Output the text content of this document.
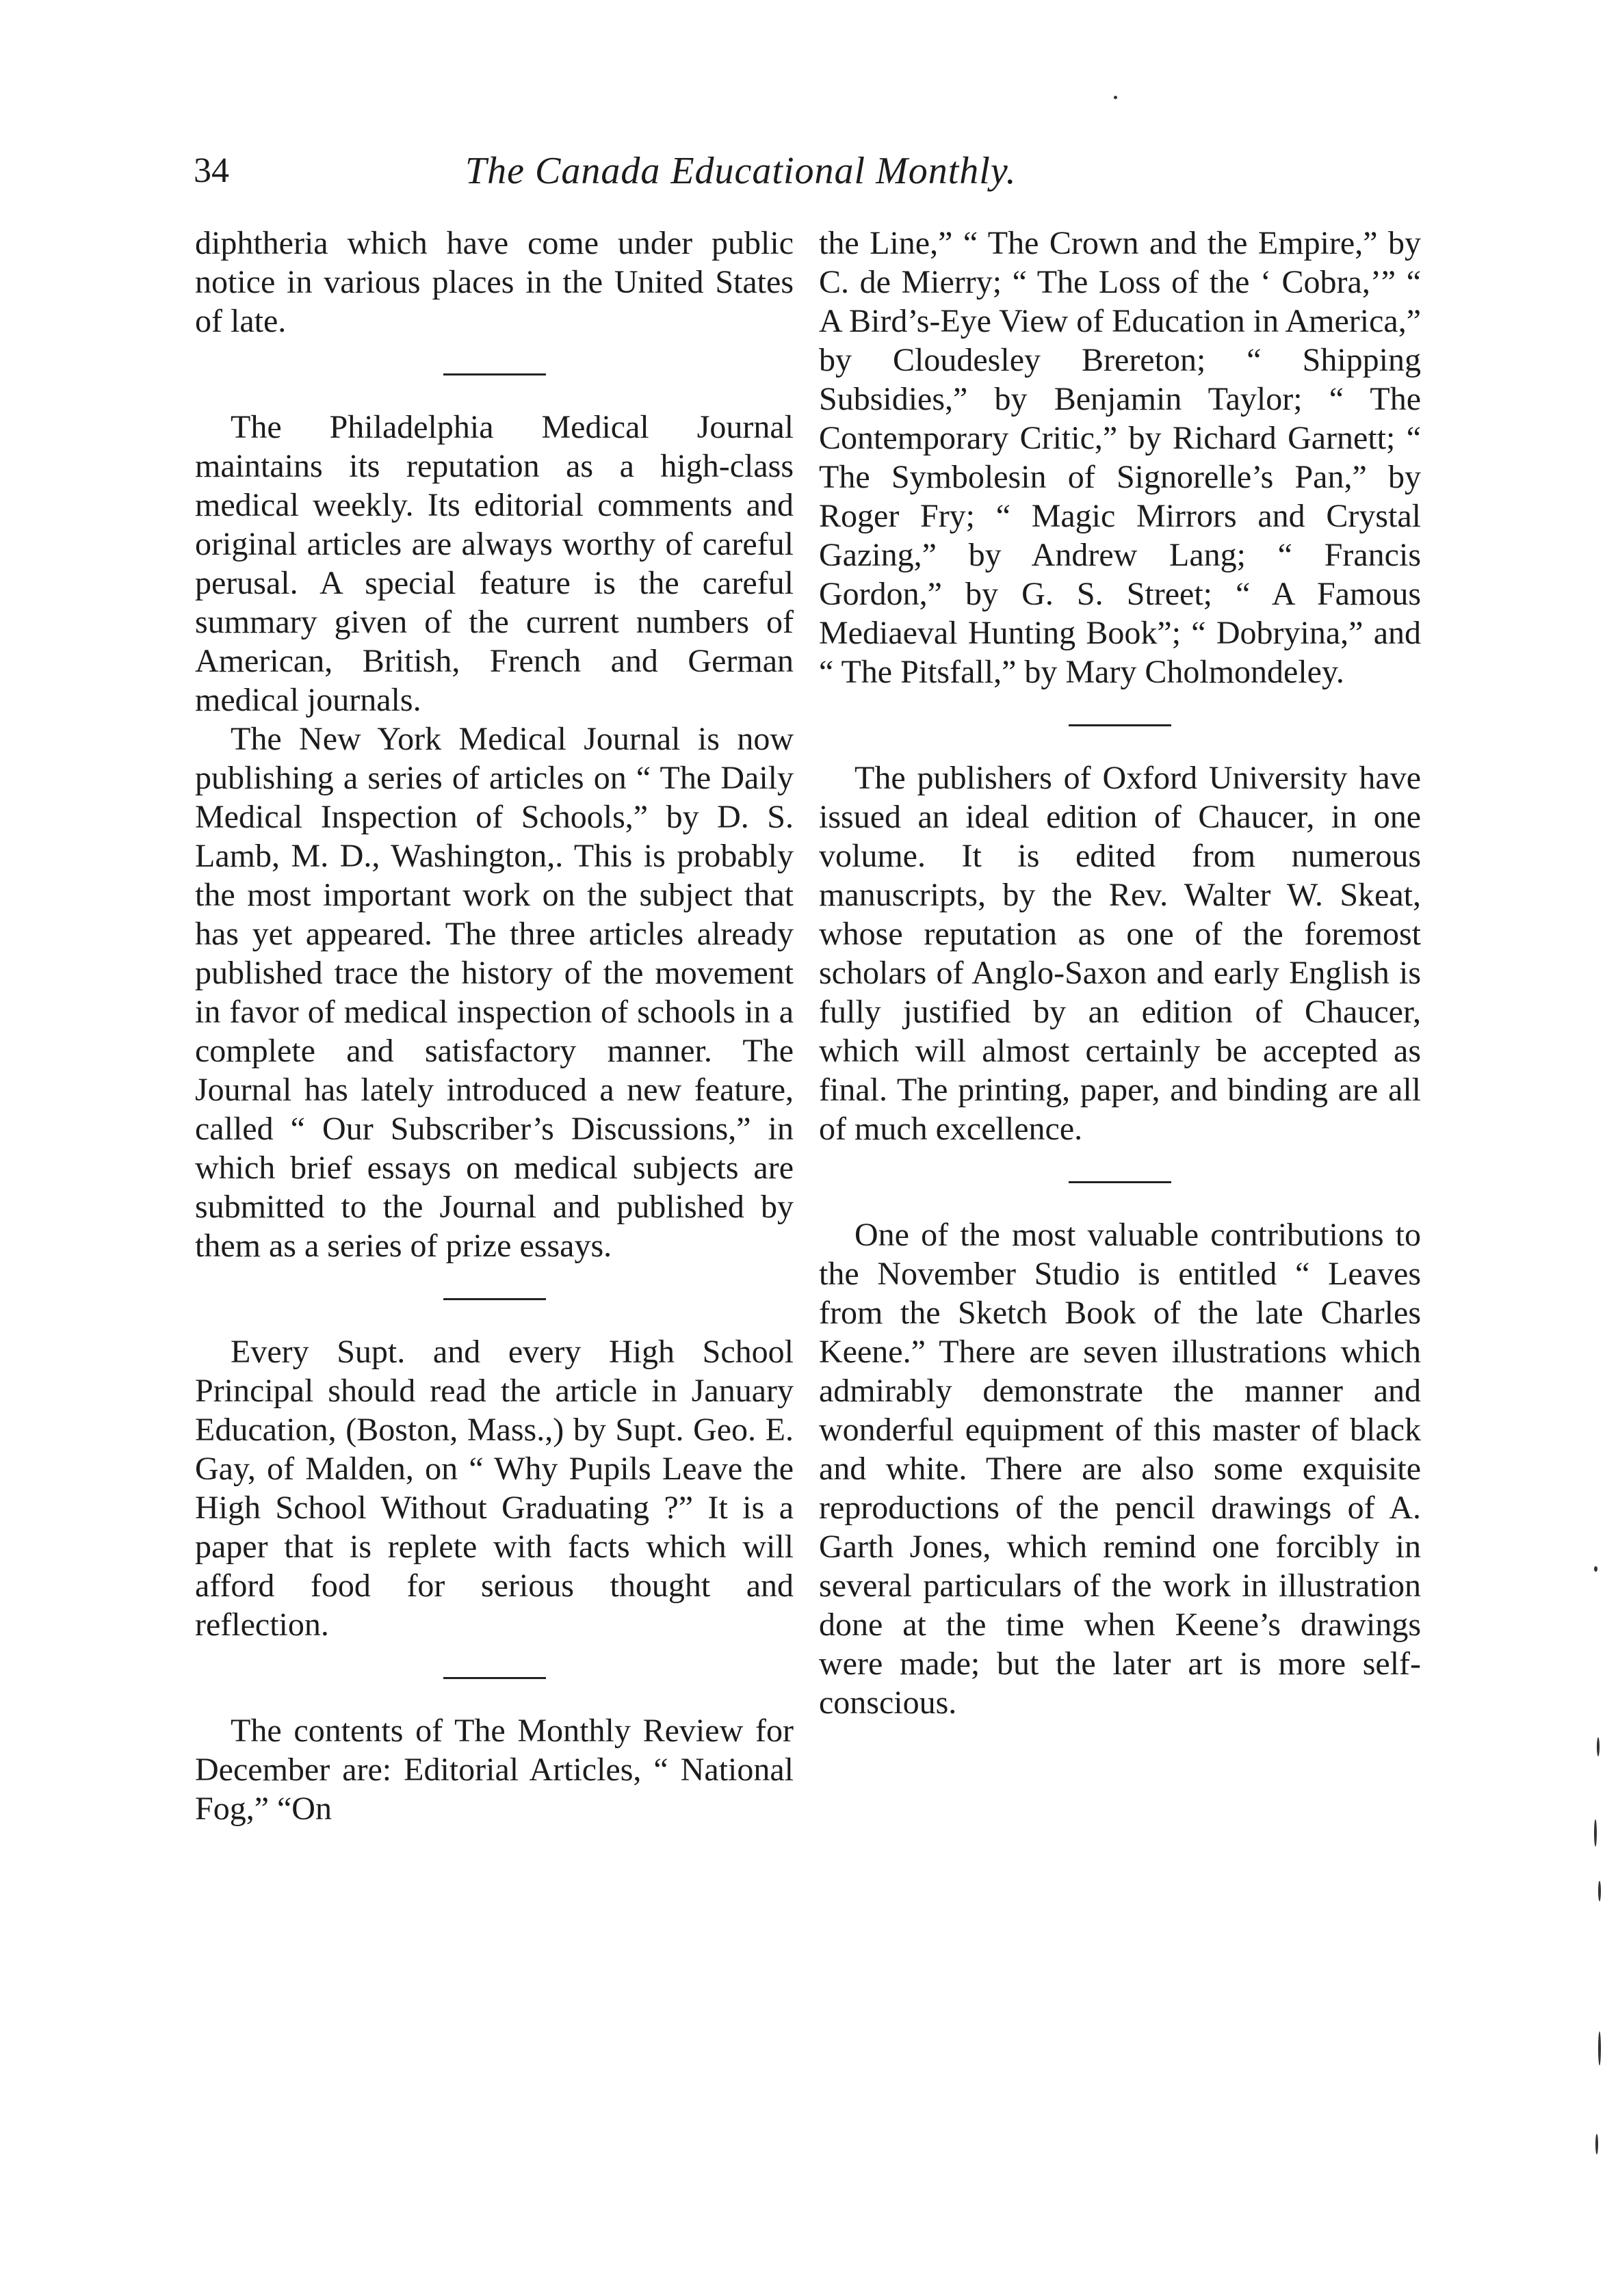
34	The Canada Educational Monthly.

diphtheria which have come under public notice in various places in the United States of late.

The Philadelphia Medical Journal maintains its reputation as a high-class medical weekly. Its editorial comments and original articles are always worthy of careful perusal. A special feature is the careful summary given of the current numbers of American, British, French and German medical journals.

The New York Medical Journal is now publishing a series of articles on “ The Daily Medical Inspection of Schools,” by D. S. Lamb, M. D., Washington,. This is probably the most important work on the subject that has yet appeared. The three articles already published trace the history of the movement in favor of medical inspection of schools in a complete and satisfactory manner. The Journal has lately introduced a new feature, called “ Our Subscriber’s Discussions,” in which brief essays on medical subjects are submitted to the Journal and published by them as a series of prize essays.

Every Supt. and every High School Principal should read the article in January Education, (Boston, Mass.,) by Supt. Geo. E. Gay, of Malden, on “ Why Pupils Leave the High School Without Graduating ?” It is a paper that is replete with facts which will afford food for serious thought and reflection.

The contents of The Monthly Review for December are: Editorial Articles, “ National Fog,” “On

the Line,” “ The Crown and the Empire,” by C. de Mierry; “ The Loss of the ‘ Cobra,’” “ A Bird’s-Eye View of Education in America,” by Cloudesley Brereton; “ Shipping Subsidies,” by Benjamin Taylor; “ The Contemporary Critic,” by Richard Garnett; “ The Symbolesin of Signorelle’s Pan,” by Roger Fry; “ Magic Mirrors and Crystal Gazing,” by Andrew Lang; “ Francis Gordon,” by G. S. Street; “ A Famous Mediaeval Hunting Book”; “ Dobryina,” and “ The Pitsfall,” by Mary Cholmondeley.

The publishers of Oxford University have issued an ideal edition of Chaucer, in one volume. It is edited from numerous manuscripts, by the Rev. Walter W. Skeat, whose reputation as one of the foremost scholars of Anglo-Saxon and early English is fully justified by an edition of Chaucer, which will almost certainly be accepted as final. The printing, paper, and binding are all of much excellence.

One of the most valuable contributions to the November Studio is entitled “ Leaves from the Sketch Book of the late Charles Keene.” There are seven illustrations which admirably demonstrate the manner and wonderful equipment of this master of black and white. There are also some exquisite reproductions of the pencil drawings of A. Garth Jones, which remind one forcibly in several particulars of the work in illustration done at the time when Keene’s drawings were made; but the later art is more self-conscious.
